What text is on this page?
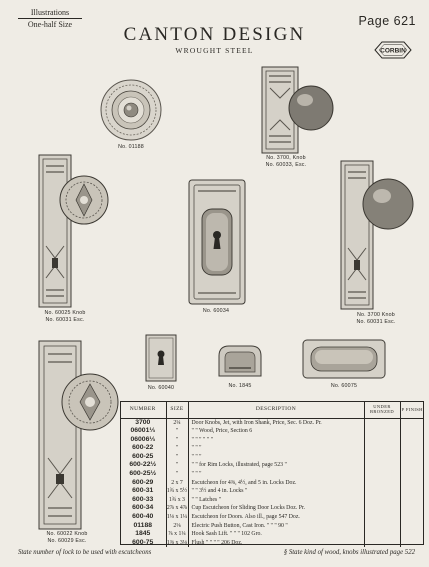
Illustrations
One-half Size	CANTON DESIGN
WROUGHT STEEL
Page 621
CORBIN
No. 01188
No. 3700, Knob
No. 60033, Esc.
No. 60025 Knob
No. 60031 Esc.
No. 60034
No. 3700 Knob
No. 60031 Esc.
No. 60040	No. 1845	No. 60075
No. 60022 Knob
No. 60029 Esc.
NUMBER	SIZE	DESCRIPTION	UNDER BRONZED	P FINISH
3700	2¼	Door Knobs, Jet, with Iron Shank, Price, Sec. 6 Doz. Pr.		
06001⅓	"	" " Wood, Price, Section 6		
06006⅓	"	" " " " " "		
600-22	"	" " "		
600-25	"	" " "		
600-22½	"	" " for Rim Locks, illustrated, page 523 "		
600-25½	"	" " "		
600-29	2 x 7	Escutcheon for 4⅜, 4½, and 5 in. Locks Doz.		
600-31	1¾ x 5½	" " 3½ and 4 in. Locks "		
600-33	1¾ x 3	" " Latches "		
600-34	2⅞ x 4⅞	Cup Escutcheon for Sliding Door Locks Doz. Pr.		
600-40	1⅛ x 1¼	Escutcheon for Doors. Also ill., page 547 Doz.		
01188	2⅛	Electric Push Button, Cast Iron. " " " 90 "		
1845	⅞ x 1¼	Hook Sash Lift. " " " 102 Gro.		
600-75	1⅜ x 3⅛	Flush " " " " 206 Doz.		
State number of lock to be used with escutcheons	§ State kind of wood, knobs illustrated page 522
